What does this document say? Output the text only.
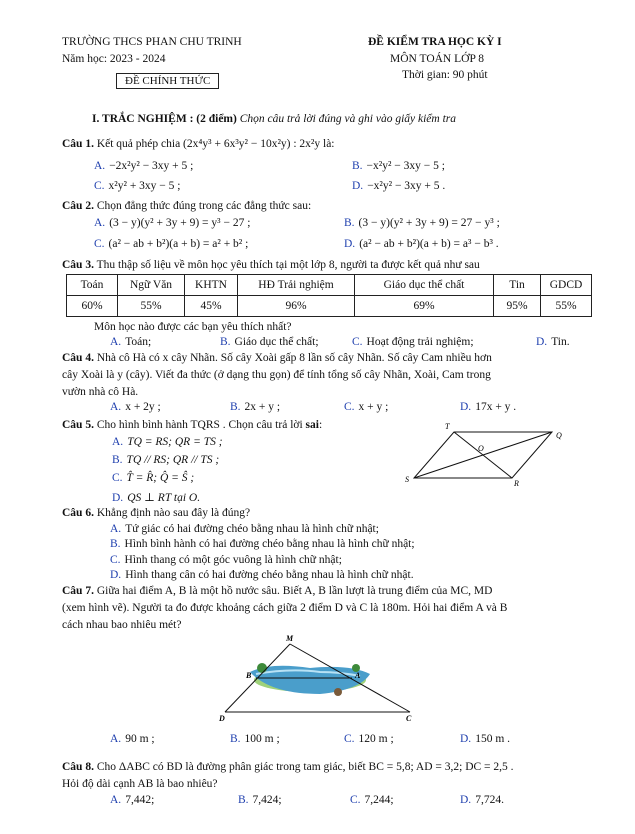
TRƯỜNG THCS PHAN CHU TRINH
Năm học: 2023 - 2024
ĐỀ CHÍNH THỨC
ĐỀ KIỂM TRA HỌC KỲ I
MÔN TOÁN LỚP 8
Thời gian: 90 phút
I. TRẮC NGHIỆM : (2 điểm) Chọn câu trả lời đúng và ghi vào giấy kiểm tra
Câu 1. Kết quả phép chia (2x⁴y³ + 6x³y² − 10x²y) : 2x²y là:
A. −2x²y² − 3xy + 5 ;	B. −x²y² − 3xy − 5 ;
C. x²y² + 3xy − 5 ;	D. −x²y² − 3xy + 5 .
Câu 2. Chọn đẳng thức đúng trong các đẳng thức sau:
A. (3 − y)(y² + 3y + 9) = y³ − 27 ;	B. (3 − y)(y² + 3y + 9) = 27 − y³ ;
C. (a² − ab + b²)(a + b) = a² + b² ;	D. (a² − ab + b²)(a + b) = a³ − b³ .
Câu 3. Thu thập số liệu về môn học yêu thích tại một lớp 8, người ta được kết quả như sau
Toán	Ngữ Văn	KHTN	HĐ Trải nghiệm	Giáo dục thể chất	Tin	GDCD
60%	55%	45%	96%	69%	95%	55%
Môn học nào được các bạn yêu thích nhất?
A. Toán;	B. Giáo dục thể chất;	C. Hoạt động trải nghiệm;	D. Tin.
Câu 4. Nhà cô Hà có x cây Nhãn. Số cây Xoài gấp 8 lần số cây Nhãn. Số cây Cam nhiều hơn
cây Xoài là y (cây). Viết đa thức (ở dạng thu gọn) để tính tổng số cây Nhãn, Xoài, Cam trong
vườn nhà cô Hà.
A. x + 2y ;	B. 2x + y ;	C. x + y ;	D. 17x + y .
Câu 5. Cho hình bình hành TQRS . Chọn câu trả lời sai:
A. TQ = RS; QR = TS ;
B. TQ // RS; QR // TS ;
C. T̂ = R̂; Q̂ = Ŝ ;
D. QS ⊥ RT tại O.
T
Q
R
S
O
Câu 6. Khẳng định nào sau đây là đúng?
A. Tứ giác có hai đường chéo bằng nhau là hình chữ nhật;
B. Hình bình hành có hai đường chéo bằng nhau là hình chữ nhật;
C. Hình thang có một góc vuông là hình chữ nhật;
D. Hình thang cân có hai đường chéo bằng nhau là hình chữ nhật.
Câu 7. Giữa hai điểm A, B là một hồ nước sâu. Biết A, B lần lượt là trung điểm của MC, MD
(xem hình vẽ). Người ta đo được khoảng cách giữa 2 điểm D và C là 180m. Hỏi hai điểm A và B
cách nhau bao nhiêu mét?
M
B	A
D	C
A. 90 m ;	B. 100 m ;	C. 120 m ;	D. 150 m .
Câu 8. Cho ΔABC có BD là đường phân giác trong tam giác, biết BC = 5,8; AD = 3,2; DC = 2,5 .
Hỏi độ dài cạnh AB là bao nhiêu?
A. 7,442;	B. 7,424;	C. 7,244;	D. 7,724.
